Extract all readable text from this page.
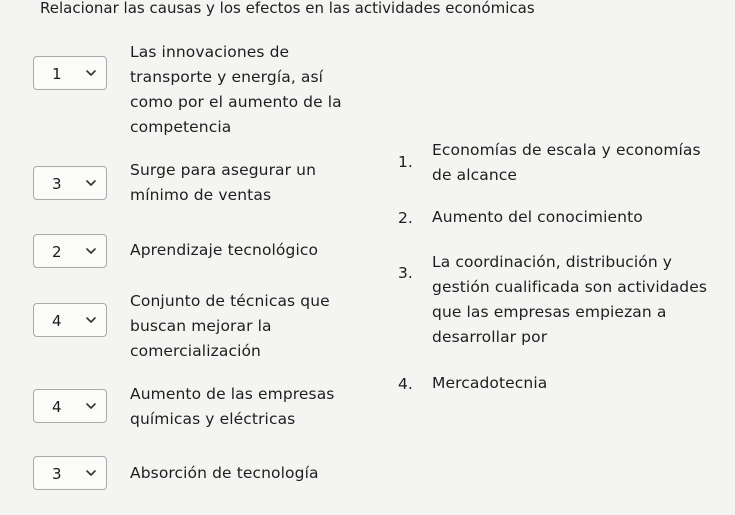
Relacionar las causas y los efectos en las actividades económicas
1
Las innovaciones de
transporte y energía, así
como por el aumento de la
competencia
3
Surge para asegurar un
mínimo de ventas
2	Aprendizaje tecnológico
4
Conjunto de técnicas que
buscan mejorar la
comercialización
4
Aumento de las empresas
químicas y eléctricas
3	Absorción de tecnología
1.
Economías de escala y economías
de alcance
2. Aumento del conocimiento
3.
La coordinación, distribución y
gestión cualificada son actividades
que las empresas empiezan a
desarrollar por
4. Mercadotecnia
